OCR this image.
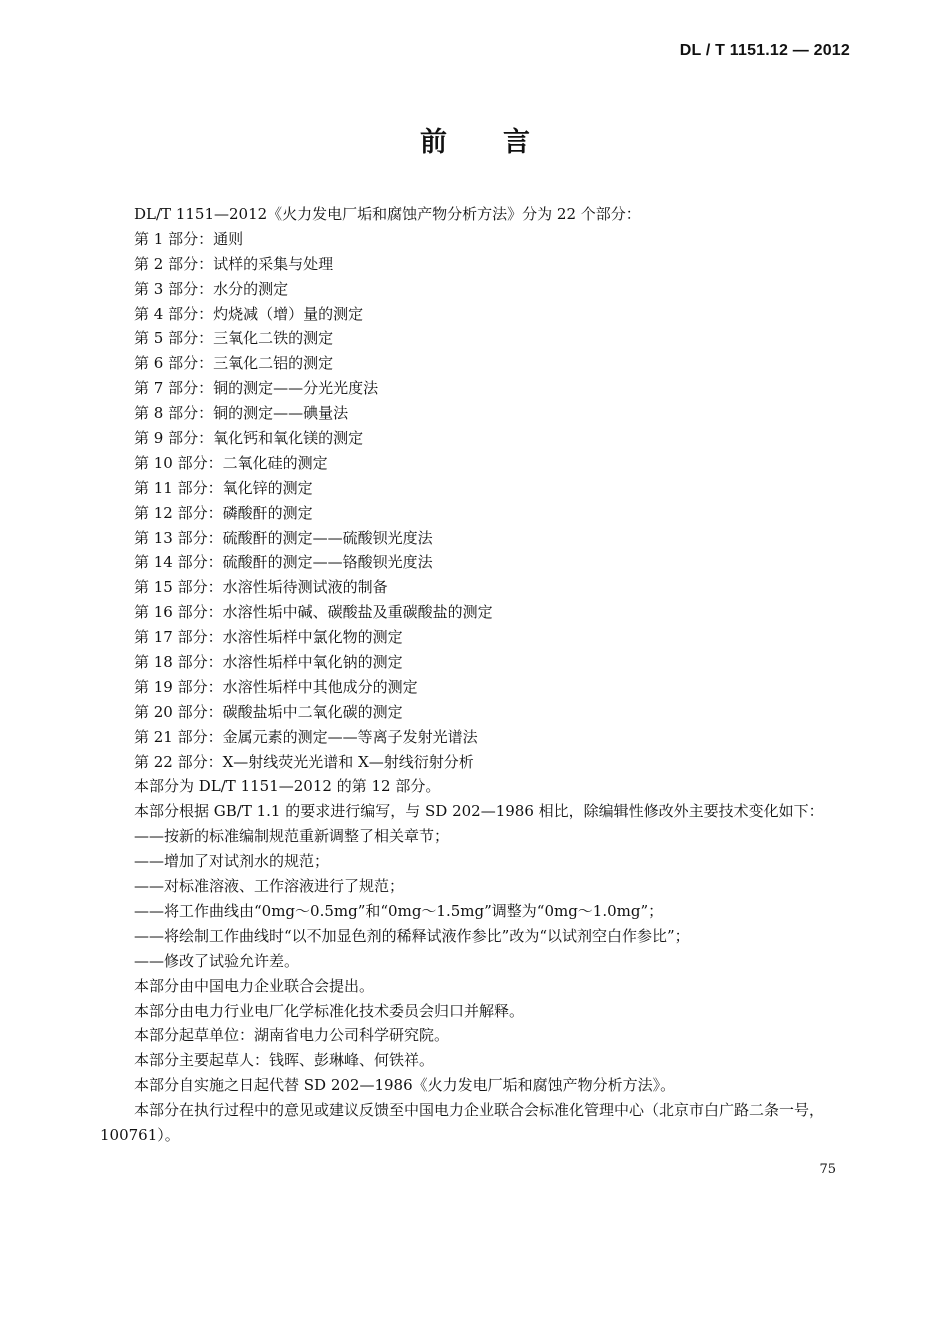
DL / T 1151.12 — 2012
前 言
DL/T 1151—2012《火力发电厂垢和腐蚀产物分析方法》分为 22 个部分：
第 1 部分：通则
第 2 部分：试样的采集与处理
第 3 部分：水分的测定
第 4 部分：灼烧减（增）量的测定
第 5 部分：三氧化二铁的测定
第 6 部分：三氧化二铝的测定
第 7 部分：铜的测定——分光光度法
第 8 部分：铜的测定——碘量法
第 9 部分：氧化钙和氧化镁的测定
第 10 部分：二氧化硅的测定
第 11 部分：氧化锌的测定
第 12 部分：磷酸酐的测定
第 13 部分：硫酸酐的测定——硫酸钡光度法
第 14 部分：硫酸酐的测定——铬酸钡光度法
第 15 部分：水溶性垢待测试液的制备
第 16 部分：水溶性垢中碱、碳酸盐及重碳酸盐的测定
第 17 部分：水溶性垢样中氯化物的测定
第 18 部分：水溶性垢样中氧化钠的测定
第 19 部分：水溶性垢样中其他成分的测定
第 20 部分：碳酸盐垢中二氧化碳的测定
第 21 部分：金属元素的测定——等离子发射光谱法
第 22 部分：X—射线荧光光谱和 X—射线衍射分析
本部分为 DL/T 1151—2012 的第 12 部分。
本部分根据 GB/T 1.1 的要求进行编写，与 SD 202—1986 相比，除编辑性修改外主要技术变化如下：
——按新的标准编制规范重新调整了相关章节；
——增加了对试剂水的规范；
——对标准溶液、工作溶液进行了规范；
——将工作曲线由“0mg～0.5mg”和“0mg～1.5mg”调整为“0mg～1.0mg”；
——将绘制工作曲线时“以不加显色剂的稀释试液作参比”改为“以试剂空白作参比”；
——修改了试验允许差。
本部分由中国电力企业联合会提出。
本部分由电力行业电厂化学标准化技术委员会归口并解释。
本部分起草单位：湖南省电力公司科学研究院。
本部分主要起草人：钱晖、彭琳峰、何铁祥。
本部分自实施之日起代替 SD 202—1986《火力发电厂垢和腐蚀产物分析方法》。
本部分在执行过程中的意见或建议反馈至中国电力企业联合会标准化管理中心（北京市白广路二条一号，100761）。
75
